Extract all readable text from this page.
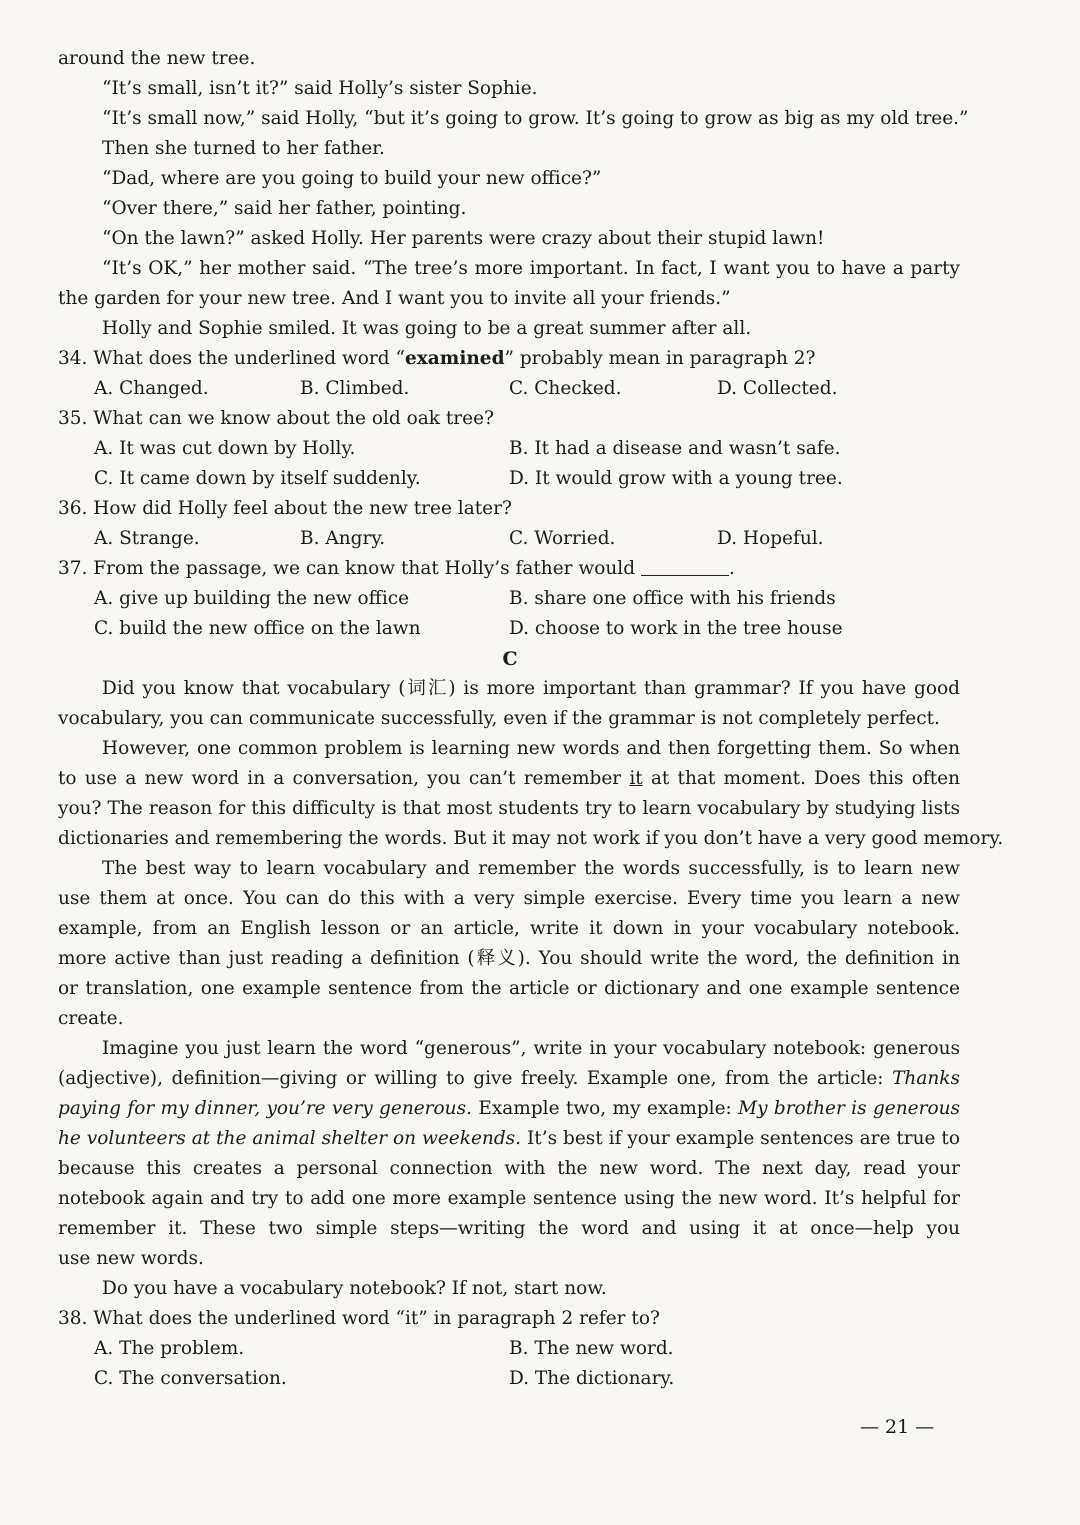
around the new tree.
“It’s small, isn’t it?” said Holly’s sister Sophie.
“It’s small now,” said Holly, “but it’s going to grow. It’s going to grow as big as my old tree.”
Then she turned to her father.
“Dad, where are you going to build your new office?”
“Over there,” said her father, pointing.
“On the lawn?” asked Holly. Her parents were crazy about their stupid lawn!
“It’s OK,” her mother said. “The tree’s more important. In fact, I want you to have a party
the garden for your new tree. And I want you to invite all your friends.”
Holly and Sophie smiled. It was going to be a great summer after all.
34. What does the underlined word “examined” probably mean in paragraph 2?
A. Changed.	B. Climbed.	C. Checked.	D. Collected.
35. What can we know about the old oak tree?
A. It was cut down by Holly.	B. It had a disease and wasn’t safe.
C. It came down by itself suddenly.	D. It would grow with a young tree.
36. How did Holly feel about the new tree later?
A. Strange.	B. Angry.	C. Worried.	D. Hopeful.
37. From the passage, we can know that Holly’s father would	.
A. give up building the new office	B. share one office with his friends
C. build the new office on the lawn	D. choose to work in the tree house
C
Did you know that vocabulary (词汇) is more important than grammar? If you have good
vocabulary, you can communicate successfully, even if the grammar is not completely perfect.
However, one common problem is learning new words and then forgetting them. So when
to use a new word in a conversation, you can’t remember it at that moment. Does this often
you? The reason for this difficulty is that most students try to learn vocabulary by studying lists
dictionaries and remembering the words. But it may not work if you don’t have a very good memory.
The best way to learn vocabulary and remember the words successfully, is to learn new
use them at once. You can do this with a very simple exercise. Every time you learn a new
example, from an English lesson or an article, write it down in your vocabulary notebook.
more active than just reading a definition (释义). You should write the word, the definition in
or translation, one example sentence from the article or dictionary and one example sentence
create.
Imagine you just learn the word “generous”, write in your vocabulary notebook: generous
(adjective), definition—giving or willing to give freely. Example one, from the article: Thanks
paying for my dinner, you’re very generous. Example two, my example: My brother is generous
he volunteers at the animal shelter on weekends. It’s best if your example sentences are true to
because this creates a personal connection with the new word. The next day, read your
notebook again and try to add one more example sentence using the new word. It’s helpful for
remember it. These two simple steps—writing the word and using it at once—help you
use new words.
Do you have a vocabulary notebook? If not, start now.
38. What does the underlined word “it” in paragraph 2 refer to?
A. The problem.	B. The new word.
C. The conversation.	D. The dictionary.
— 21 —
